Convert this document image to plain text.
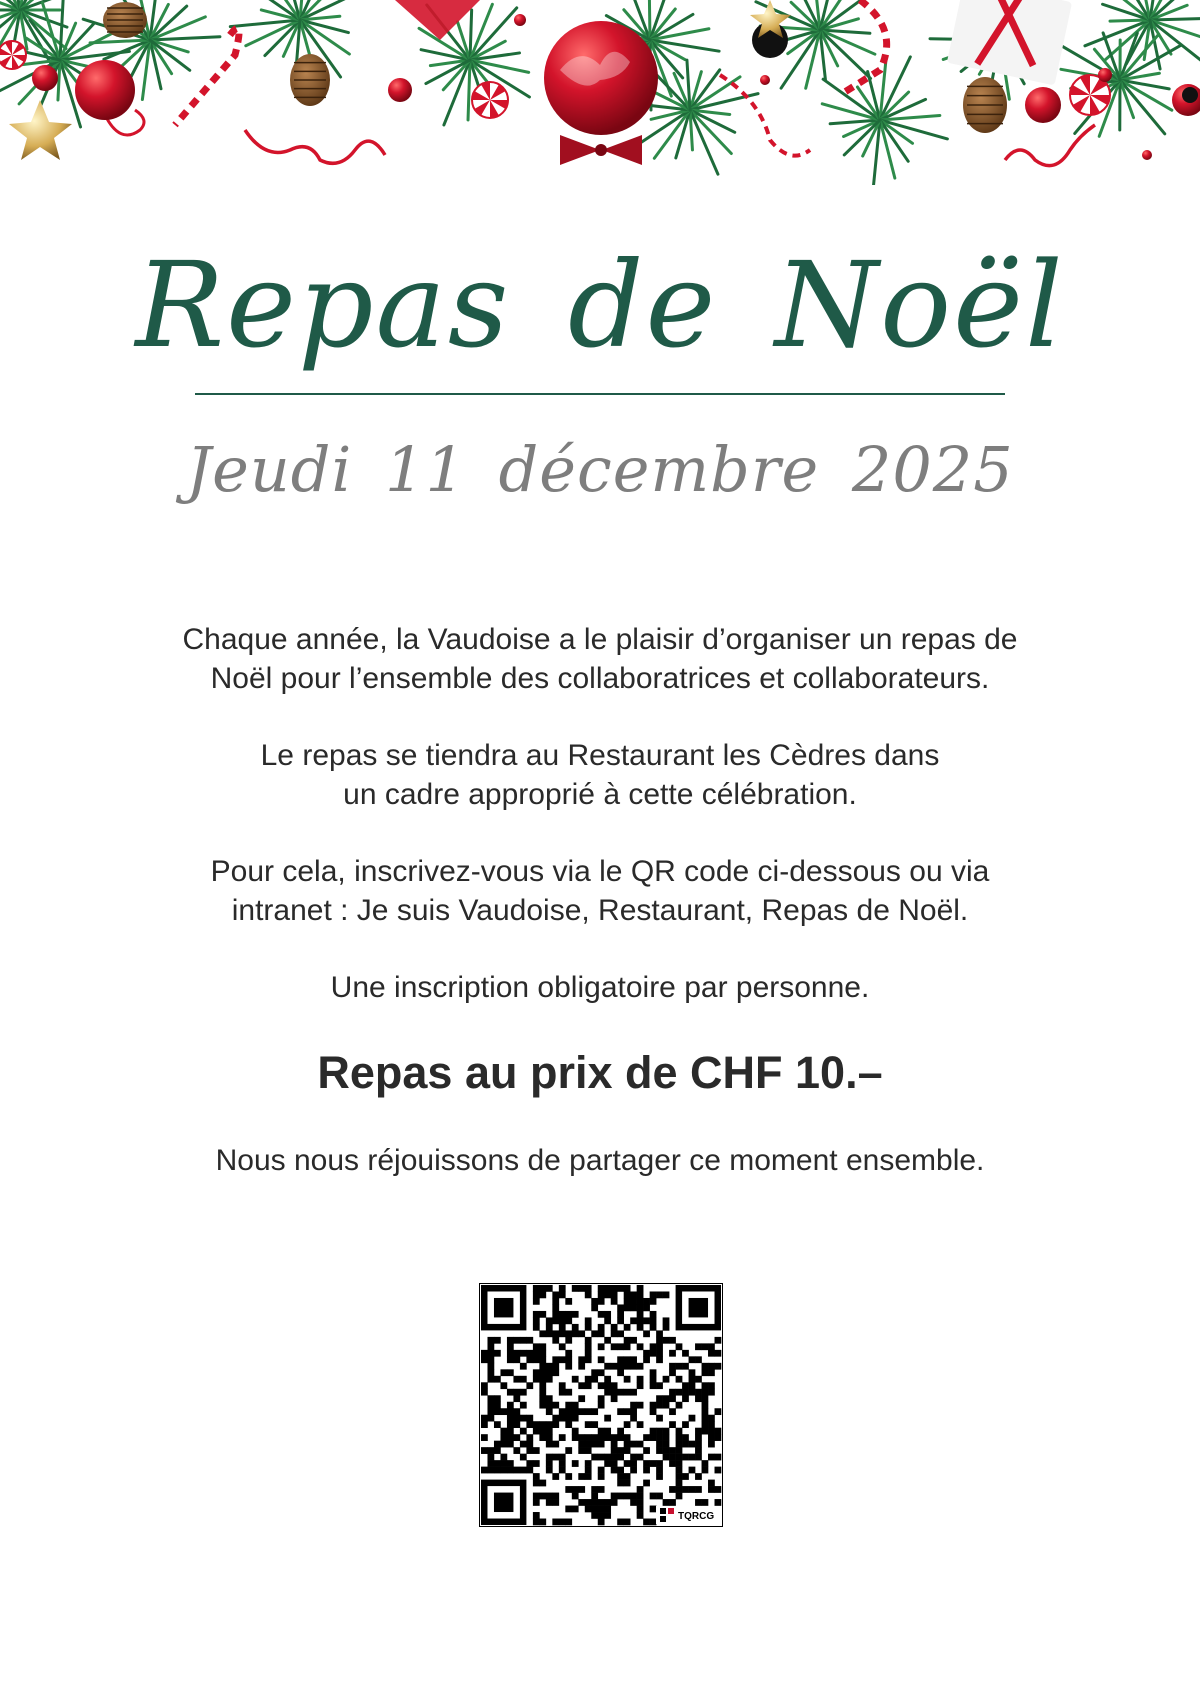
Repas de Noël
Jeudi 11 décembre 2025

Chaque année, la Vaudoise a le plaisir d’organiser un repas de
Noël pour l’ensemble des collaboratrices et collaborateurs.

Le repas se tiendra au Restaurant les Cèdres dans
un cadre approprié à cette célébration.

Pour cela, inscrivez-vous via le QR code ci-dessous ou via
intranet : Je suis Vaudoise, Restaurant, Repas de Noël.

Une inscription obligatoire par personne.

Repas au prix de CHF 10.–

Nous nous réjouissons de partager ce moment ensemble.

TQRCG
